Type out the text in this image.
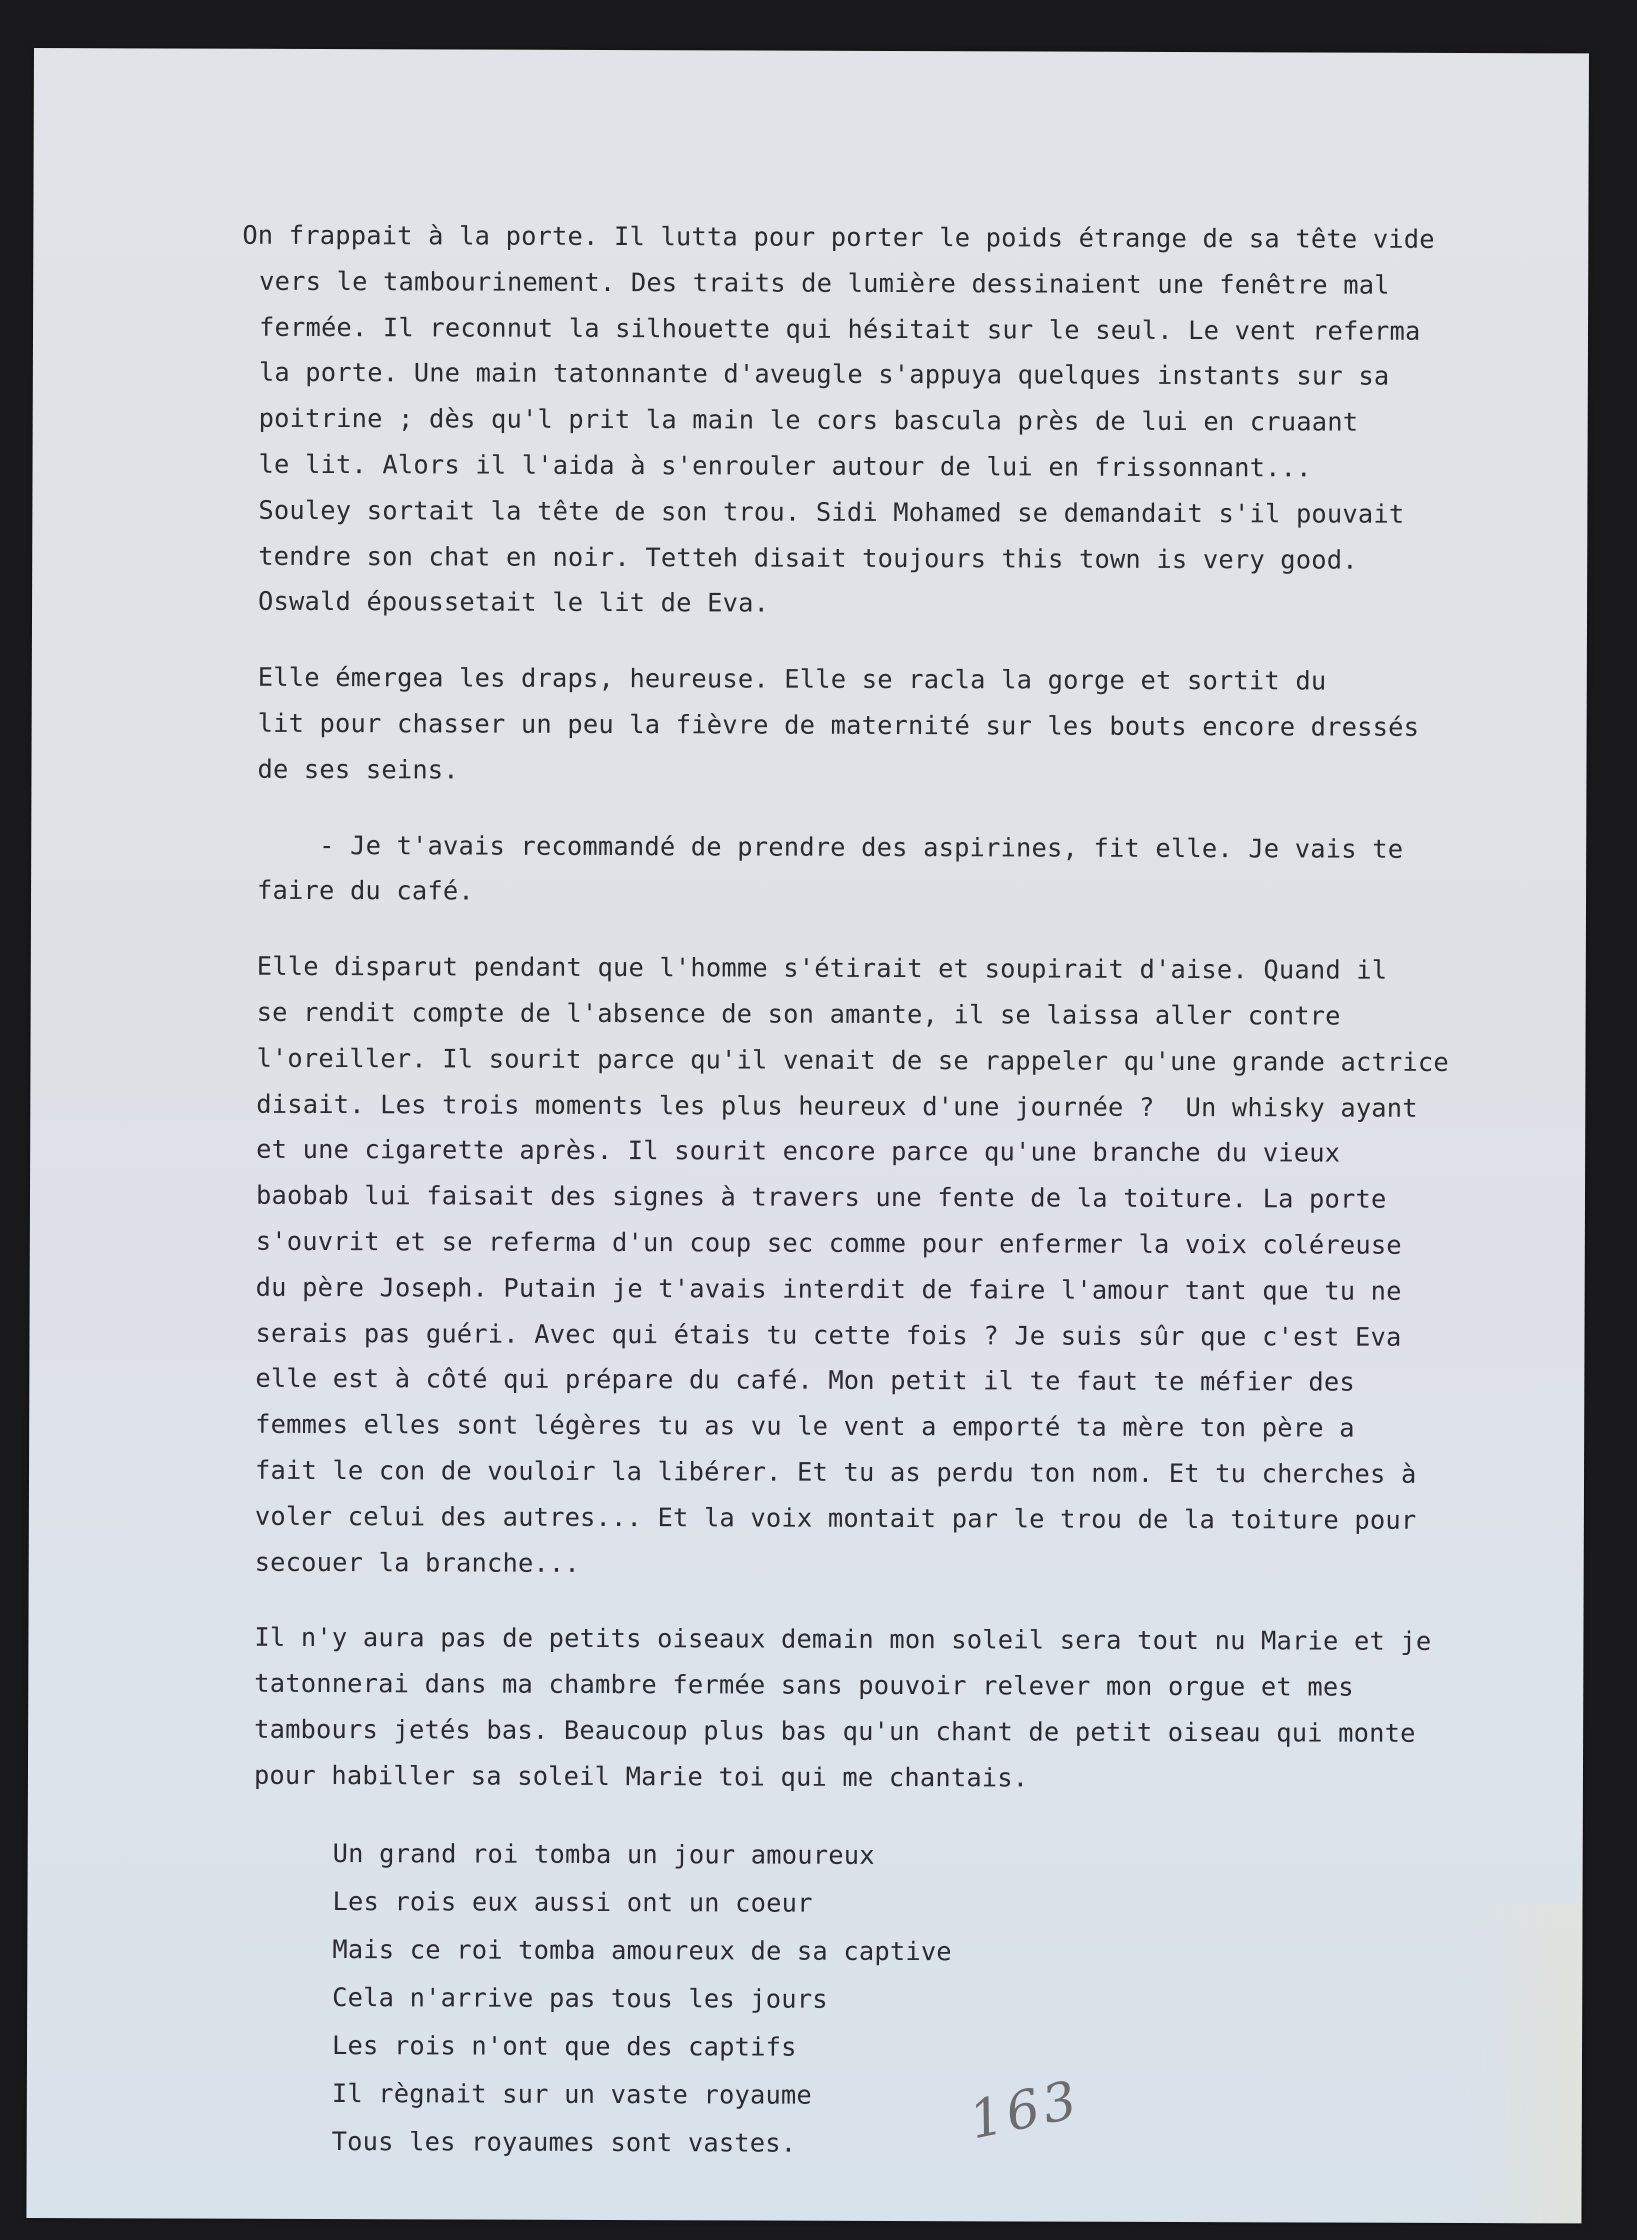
On frappait à la porte. Il lutta pour porter le poids étrange de sa tête vide
vers le tambourinement. Des traits de lumière dessinaient une fenêtre mal
fermée. Il reconnut la silhouette qui hésitait sur le seul. Le vent referma
la porte. Une main tatonnante d'aveugle s'appuya quelques instants sur sa
poitrine ; dès qu'l prit la main le cors bascula près de lui en cruaant
le lit. Alors il l'aida à s'enrouler autour de lui en frissonnant...
Souley sortait la tête de son trou. Sidi Mohamed se demandait s'il pouvait
tendre son chat en noir. Tetteh disait toujours this town is very good.
Oswald époussetait le lit de Eva.
Elle émergea les draps, heureuse. Elle se racla la gorge et sortit du
lit pour chasser un peu la fièvre de maternité sur les bouts encore dressés
de ses seins.
- Je t'avais recommandé de prendre des aspirines, fit elle. Je vais te
faire du café.
Elle disparut pendant que l'homme s'étirait et soupirait d'aise. Quand il
se rendit compte de l'absence de son amante, il se laissa aller contre
l'oreiller. Il sourit parce qu'il venait de se rappeler qu'une grande actrice
disait. Les trois moments les plus heureux d'une journée ?  Un whisky ayant
et une cigarette après. Il sourit encore parce qu'une branche du vieux
baobab lui faisait des signes à travers une fente de la toiture. La porte
s'ouvrit et se referma d'un coup sec comme pour enfermer la voix coléreuse
du père Joseph. Putain je t'avais interdit de faire l'amour tant que tu ne
serais pas guéri. Avec qui étais tu cette fois ? Je suis sûr que c'est Eva
elle est à côté qui prépare du café. Mon petit il te faut te méfier des
femmes elles sont légères tu as vu le vent a emporté ta mère ton père a
fait le con de vouloir la libérer. Et tu as perdu ton nom. Et tu cherches à
voler celui des autres... Et la voix montait par le trou de la toiture pour
secouer la branche...
Il n'y aura pas de petits oiseaux demain mon soleil sera tout nu Marie et je
tatonnerai dans ma chambre fermée sans pouvoir relever mon orgue et mes
tambours jetés bas. Beaucoup plus bas qu'un chant de petit oiseau qui monte
pour habiller sa soleil Marie toi qui me chantais.
Un grand roi tomba un jour amoureux
Les rois eux aussi ont un coeur
Mais ce roi tomba amoureux de sa captive
Cela n'arrive pas tous les jours
Les rois n'ont que des captifs
Il règnait sur un vaste royaume
Tous les royaumes sont vastes.	163
